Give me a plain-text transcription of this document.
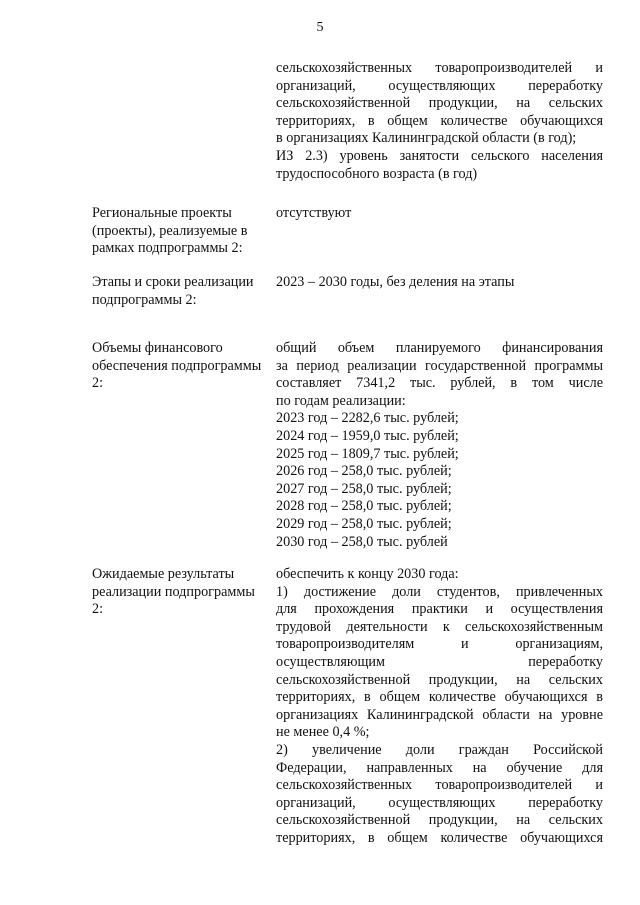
5
сельскохозяйственных товаропроизводителей и
организаций, осуществляющих переработку
сельскохозяйственной продукции, на сельских
территориях, в общем количестве обучающихся
в организациях Калининградской области (в год);
ИЗ 2.3) уровень занятости сельского населения
трудоспособного возраста (в год)
Региональные проекты (проекты), реализуемые в рамках подпрограммы 2:
отсутствуют
Этапы и сроки реализации подпрограммы 2:
2023 – 2030 годы, без деления на этапы
Объемы финансового обеспечения подпрограммы 2:
общий объем планируемого финансирования
за период реализации государственной программы
составляет 7341,2 тыс. рублей, в том числе
по годам реализации:
2023 год – 2282,6 тыс. рублей;
2024 год – 1959,0 тыс. рублей;
2025 год – 1809,7 тыс. рублей;
2026 год – 258,0 тыс. рублей;
2027 год – 258,0 тыс. рублей;
2028 год – 258,0 тыс. рублей;
2029 год – 258,0 тыс. рублей;
2030 год – 258,0 тыс. рублей
Ожидаемые результаты реализации подпрограммы 2:
обеспечить к концу 2030 года:
1) достижение доли студентов, привлеченных
для прохождения практики и осуществления
трудовой деятельности к сельскохозяйственным
товаропроизводителям и организациям,
осуществляющим переработку
сельскохозяйственной продукции, на сельских
территориях, в общем количестве обучающихся в
организациях Калининградской области на уровне
не менее 0,4 %;
2) увеличение доли граждан Российской
Федерации, направленных на обучение для
сельскохозяйственных товаропроизводителей и
организаций, осуществляющих переработку
сельскохозяйственной продукции, на сельских
территориях, в общем количестве обучающихся
